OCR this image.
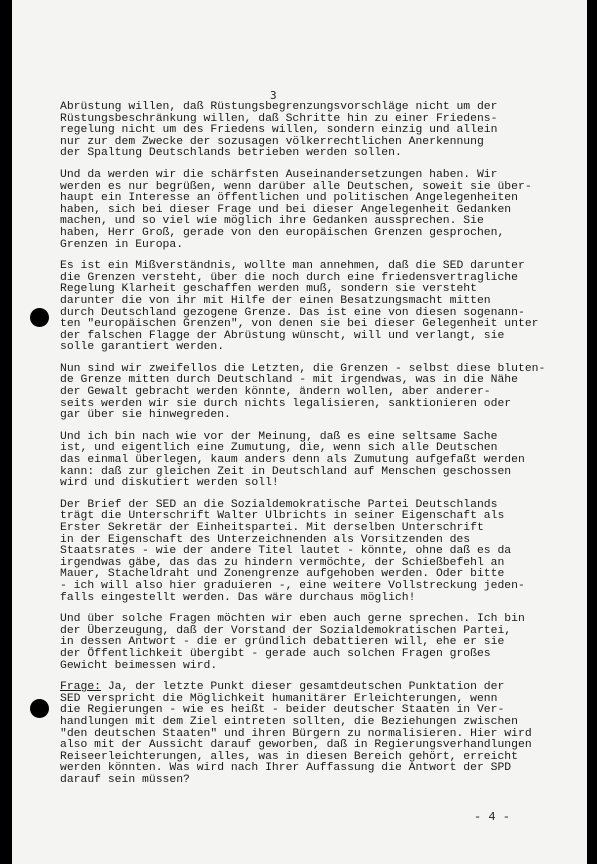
3
Abrüstung willen, daß Rüstungsbegrenzungsvorschläge nicht um der
Rüstungsbeschränkung willen, daß Schritte hin zu einer Friedens-
regelung nicht um des Friedens willen, sondern einzig und allein
nur zur dem Zwecke der sozusagen völkerrechtlichen Anerkennung
der Spaltung Deutschlands betrieben werden sollen.
Und da werden wir die schärfsten Auseinandersetzungen haben. Wir
werden es nur begrüßen, wenn darüber alle Deutschen, soweit sie über-
haupt ein Interesse an öffentlichen und politischen Angelegenheiten
haben, sich bei dieser Frage und bei dieser Angelegenheit Gedanken
machen, und so viel wie möglich ihre Gedanken aussprechen. Sie
haben, Herr Groß, gerade von den europäischen Grenzen gesprochen,
Grenzen in Europa.
Es ist ein Mißverständnis, wollte man annehmen, daß die SED darunter
die Grenzen versteht, über die noch durch eine friedensvertragliche
Regelung Klarheit geschaffen werden muß, sondern sie versteht
darunter die von ihr mit Hilfe der einen Besatzungsmacht mitten
durch Deutschland gezogene Grenze. Das ist eine von diesen sogenann-
ten "europäischen Grenzen", von denen sie bei dieser Gelegenheit unter
der falschen Flagge der Abrüstung wünscht, will und verlangt, sie
solle garantiert werden.
Nun sind wir zweifellos die Letzten, die Grenzen - selbst diese bluten-
de Grenze mitten durch Deutschland - mit irgendwas, was in die Nähe
der Gewalt gebracht werden könnte, ändern wollen, aber anderer-
seits werden wir sie durch nichts legalisieren, sanktionieren oder
gar über sie hinwegreden.
Und ich bin nach wie vor der Meinung, daß es eine seltsame Sache
ist, und eigentlich eine Zumutung, die, wenn sich alle Deutschen
das einmal überlegen, kaum anders denn als Zumutung aufgefaßt werden
kann: daß zur gleichen Zeit in Deutschland auf Menschen geschossen
wird und diskutiert werden soll!
Der Brief der SED an die Sozialdemokratische Partei Deutschlands
trägt die Unterschrift Walter Ulbrichts in seiner Eigenschaft als
Erster Sekretär der Einheitspartei. Mit derselben Unterschrift
in der Eigenschaft des Unterzeichnenden als Vorsitzenden des
Staatsrates - wie der andere Titel lautet - könnte, ohne daß es da
irgendwas gäbe, das das zu hindern vermöchte, der Schießbefehl an
Mauer, Stacheldraht und Zonengrenze aufgehoben werden. Oder bitte
- ich will also hier graduieren -, eine weitere Vollstreckung jeden-
falls eingestellt werden. Das wäre durchaus möglich!
Und über solche Fragen möchten wir eben auch gerne sprechen. Ich bin
der Überzeugung, daß der Vorstand der Sozialdemokratischen Partei,
in dessen Antwort - die er gründlich debattieren will, ehe er sie
der Öffentlichkeit übergibt - gerade auch solchen Fragen großes
Gewicht beimessen wird.
Frage: Ja, der letzte Punkt dieser gesamtdeutschen Punktation der
SED verspricht die Möglichkeit humanitärer Erleichterungen, wenn
die Regierungen - wie es heißt - beider deutscher Staaten in Ver-
handlungen mit dem Ziel eintreten sollten, die Beziehungen zwischen
"den deutschen Staaten" und ihren Bürgern zu normalisieren. Hier wird
also mit der Aussicht darauf geworben, daß in Regierungsverhandlungen
Reiseerleichterungen, alles, was in diesen Bereich gehört, erreicht
werden könnten. Was wird nach Ihrer Auffassung die Antwort der SPD
darauf sein müssen?
- 4 -
